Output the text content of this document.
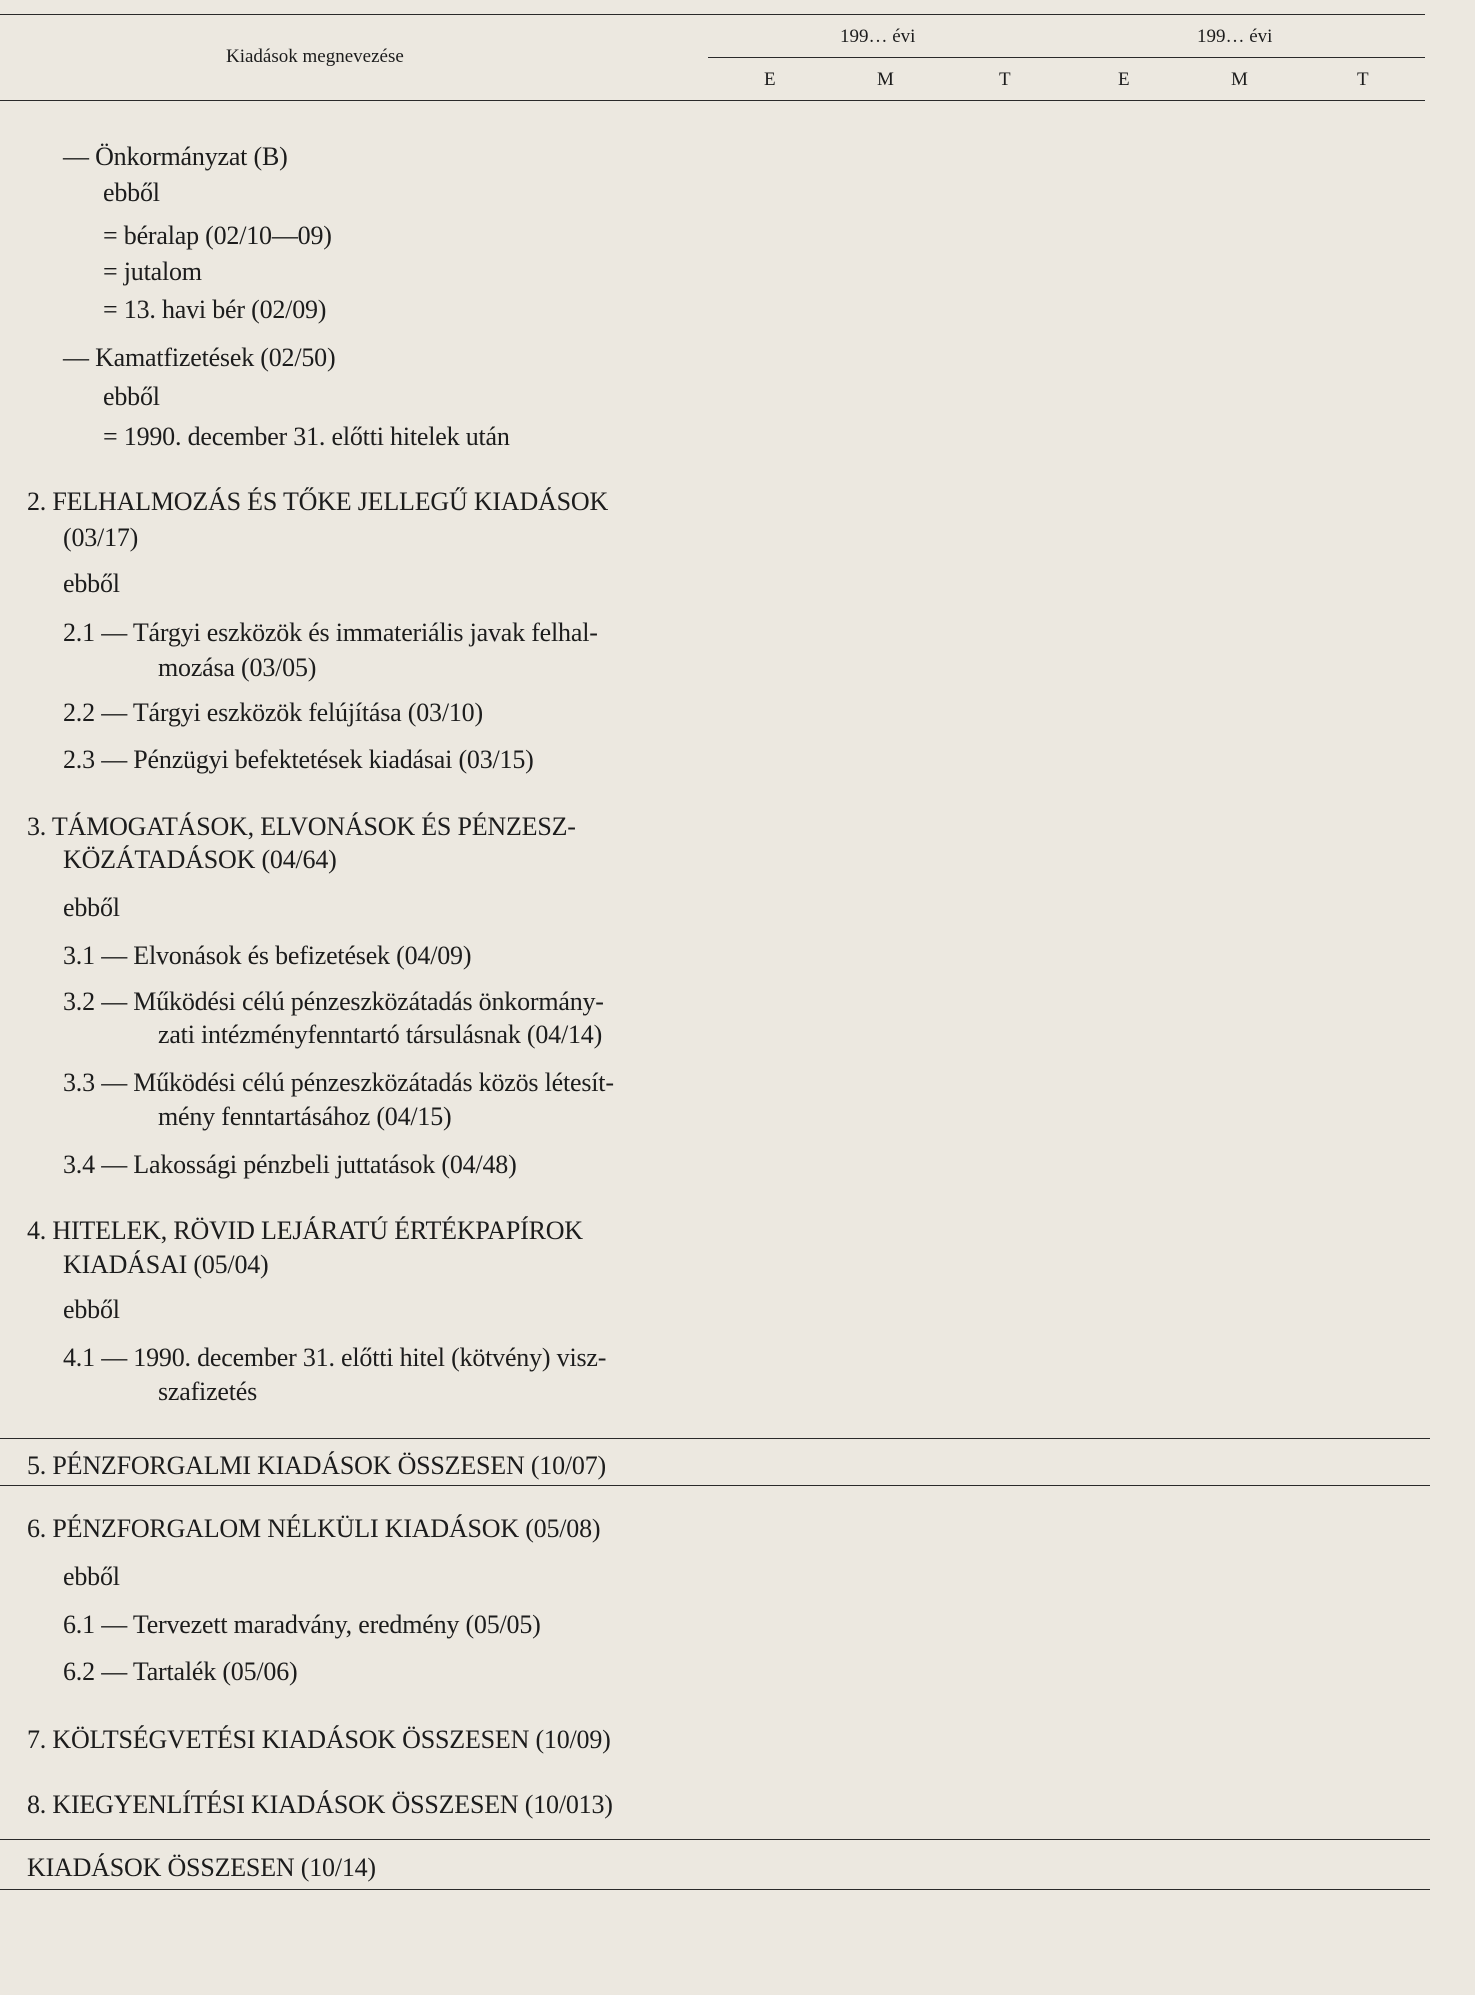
Kiadások megnevezése
199… évi	199… évi
E	M	T	E	M	T
— Önkormányzat (B)
ebből
= béralap (02/10—09)
= jutalom
= 13. havi bér (02/09)
— Kamatfizetések (02/50)
ebből
= 1990. december 31. előtti hitelek után
2. FELHALMOZÁS ÉS TŐKE JELLEGŰ KIADÁSOK
(03/17)
ebből
2.1 — Tárgyi eszközök és immateriális javak felhal-
mozása (03/05)
2.2 — Tárgyi eszközök felújítása (03/10)
2.3 — Pénzügyi befektetések kiadásai (03/15)
3. TÁMOGATÁSOK, ELVONÁSOK ÉS PÉNZESZ-
KÖZÁTADÁSOK (04/64)
ebből
3.1 — Elvonások és befizetések (04/09)
3.2 — Működési célú pénzeszközátadás önkormány-
zati intézményfenntartó társulásnak (04/14)
3.3 — Működési célú pénzeszközátadás közös létesít-
mény fenntartásához (04/15)
3.4 — Lakossági pénzbeli juttatások (04/48)
4. HITELEK, RÖVID LEJÁRATÚ ÉRTÉKPAPÍROK
KIADÁSAI (05/04)
ebből
4.1 — 1990. december 31. előtti hitel (kötvény) visz-
szafizetés
5. PÉNZFORGALMI KIADÁSOK ÖSSZESEN (10/07)
6. PÉNZFORGALOM NÉLKÜLI KIADÁSOK (05/08)
ebből
6.1 — Tervezett maradvány, eredmény (05/05)
6.2 — Tartalék (05/06)
7. KÖLTSÉGVETÉSI KIADÁSOK ÖSSZESEN (10/09)
8. KIEGYENLÍTÉSI KIADÁSOK ÖSSZESEN (10/013)
KIADÁSOK ÖSSZESEN (10/14)
